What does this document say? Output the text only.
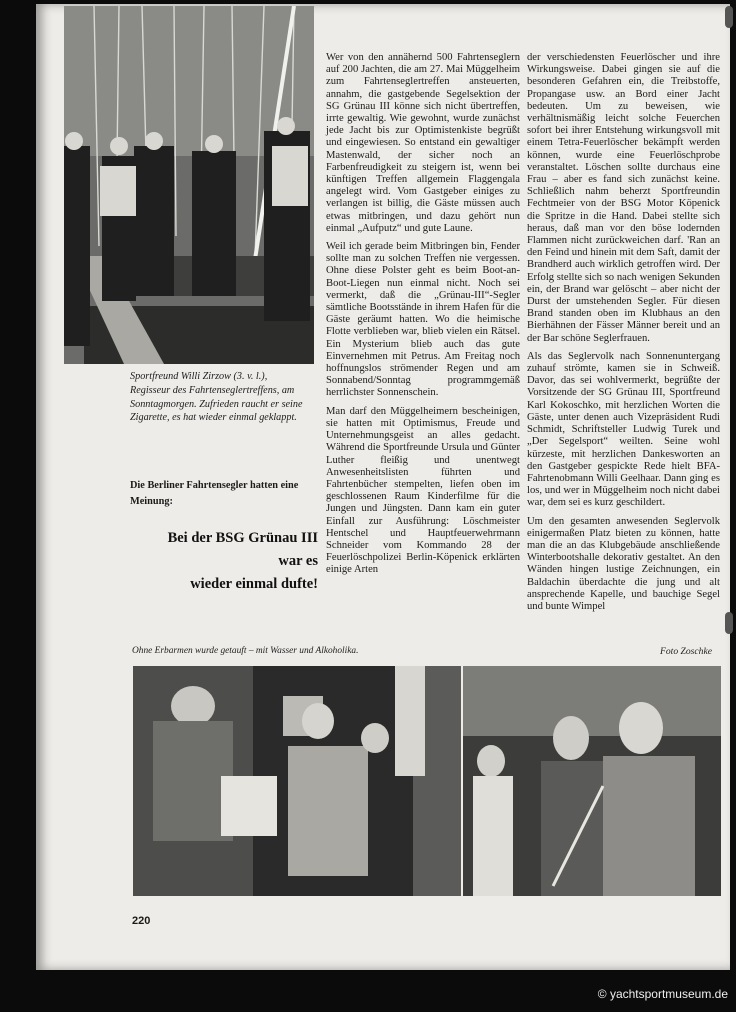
Sportfreund Willi Zirzow (3. v. l.), Regisseur des Fahrtenseglertreffens, am Sonntagmorgen. Zufrieden raucht er seine Zigarette, es hat wieder einmal geklappt.

Die Berliner Fahrtensegler hatten eine Meinung:

Bei der BSG Grünau III

war es

wieder einmal dufte!

Wer von den annähernd 500 Fahrtenseglern auf 200 Jachten, die am 27. Mai Müggelheim zum Fahrtenseglertreffen ansteuerten, annahm, die gastgebende Segelsektion der SG Grünau III könne sich nicht übertreffen, irrte gewaltig. Wie gewohnt, wurde zunächst jede Jacht bis zur Optimistenkiste begrüßt und eingewiesen. So entstand ein gewaltiger Mastenwald, der sicher noch an Farbenfreudigkeit zu steigern ist, wenn bei künftigen Treffen allgemein Flaggengala angelegt wird. Vom Gastgeber einiges zu verlangen ist billig, die Gäste müssen auch etwas mitbringen, und dazu gehört nun einmal „Aufputz“ und gute Laune.

Weil ich gerade beim Mitbringen bin, Fender sollte man zu solchen Treffen nie vergessen. Ohne diese Polster geht es beim Boot-an-Boot-Liegen nun einmal nicht. Noch sei vermerkt, daß die „Grünau-III“-Segler sämtliche Bootsstände in ihrem Hafen für die Gäste geräumt hatten. Wo die heimische Flotte verblieben war, blieb vielen ein Rätsel. Ein Mysterium blieb auch das gute Einvernehmen mit Petrus. Am Freitag noch hoffnungslos strömender Regen und am Sonnabend/Sonntag programmgemäß herrlichster Sonnenschein.

Man darf den Müggelheimern bescheinigen, sie hatten mit Optimismus, Freude und Unternehmungsgeist an alles gedacht. Während die Sportfreunde Ursula und Günter Luther fleißig und unentwegt Anwesenheitslisten führten und Fahrtenbücher stempelten, liefen oben im geschlossenen Raum Kinderfilme für die Jungen und Jüngsten. Dann kam ein guter Einfall zur Ausführung: Löschmeister Hentschel und Hauptfeuerwehrmann Schneider vom Kommando 28 der Feuerlöschpolizei Berlin-Köpenick erklärten einige Arten

der verschiedensten Feuerlöscher und ihre Wirkungsweise. Dabei gingen sie auf die besonderen Gefahren ein, die Treibstoffe, Propangase usw. an Bord einer Jacht bedeuten. Um zu beweisen, wie verhältnismäßig leicht solche Feuerchen sofort bei ihrer Entstehung wirkungsvoll mit einem Tetra-Feuerlöscher bekämpft werden können, wurde eine Feuerlöschprobe veranstaltet. Löschen sollte durchaus eine Frau – aber es fand sich zunächst keine. Schließlich nahm beherzt Sportfreundin Fechtmeier von der BSG Motor Köpenick die Spritze in die Hand. Dabei stellte sich heraus, daß man vor den böse lodernden Flammen nicht zurückweichen darf. 'Ran an den Feind und hinein mit dem Saft, damit der Brandherd auch wirklich getroffen wird. Der Erfolg stellte sich so nach wenigen Sekunden ein, der Brand war gelöscht – aber nicht der Durst der umstehenden Segler. Für diesen Brand standen oben im Klubhaus an den Bierhähnen der Fässer Männer bereit und an der Bar schöne Seglerfrauen.

Als das Seglervolk nach Sonnenuntergang zuhauf strömte, kamen sie in Schweiß. Davor, das sei wohlvermerkt, begrüßte der Vorsitzende der SG Grünau III, Sportfreund Karl Kokoschko, mit herzlichen Worten die Gäste, unter denen auch Vizepräsident Rudi Schmidt, Schriftsteller Ludwig Turek und „Der Segelsport“ weilten. Seine wohl kürzeste, mit herzlichen Dankesworten an den Gastgeber gespickte Rede hielt BFA-Fahrtenobmann Willi Geelhaar. Dann ging es los, und wer in Müggelheim noch nicht dabei war, dem sei es kurz geschildert.

Um den gesamten anwesenden Seglervolk einigermaßen Platz bieten zu können, hatte man die an das Klubgebäude anschließende Winterbootshalle dekorativ gestaltet. An den Wänden hingen lustige Zeichnungen, ein Baldachin überdachte die jung und alt ansprechende Kapelle, und bauchige Segel und bunte Wimpel

Ohne Erbarmen wurde getauft – mit Wasser und Alkoholika.	Foto Zoschke
220
© yachtsportmuseum.de
